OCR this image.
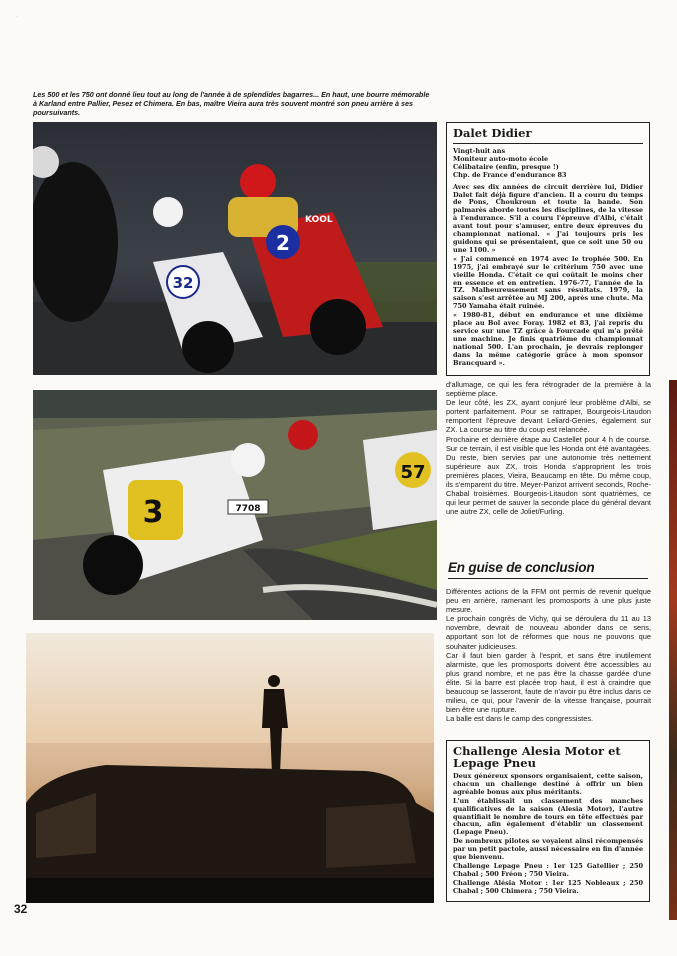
·

Les 500 et les 750 ont donné lieu tout au long de l'année à de splendides bagarres... En haut, une bourre mémorable à Karland entre Pallier, Pesez et Chimera. En bas, maître Vieira aura très souvent montré son pneu arrière à ses poursuivants.

32
2
KOOL
Dalet Didier

Vingt-huit ans

Moniteur auto-moto école

Célibataire (enfin, presque !)

Chp. de France d'endurance 83

Avec ses dix années de circuit derrière lui, Didier Dalet fait déjà figure d'ancien. Il a couru du temps de Pons, Choukroun et toute la bande. Son palmarès aborde toutes les disciplines, de la vitesse à l'endurance. S'il a couru l'épreuve d'Albi, c'était avant tout pour s'amuser, entre deux épreuves du championnat national. « J'ai toujours pris les guidons qui se présentaient, que ce soit une 50 ou une 1100. »

« J'ai commencé en 1974 avec le trophée 500. En 1975, j'ai embrayé sur le critérium 750 avec une vieille Honda. C'était ce qui coûtait le moins cher en essence et en entretien. 1976-77, l'année de la TZ. Malheureusement sans résultats. 1979, la saison s'est arrêtée au MJ 200, après une chute. Ma 750 Yamaha était ruinée.

« 1980-81, début en endurance et une dixième place au Bol avec Foray. 1982 et 83, j'ai repris du service sur une TZ grâce à Fourcade qui m'a prêté une machine. Je finis quatrième du championnat national 500. L'an prochain, je devrais replonger dans la même catégorie grâce à mon sponsor Brancquard ».

3	7708
57

d'allumage, ce qui les fera rétrograder de la première à la septième place.

De leur côté, les ZX, ayant conjuré leur problème d'Albi, se portent parfaitement. Pour se rattraper, Bourgeois-Litaudon remportent l'épreuve devant Leliard-Genies, également sur ZX. La course au titre du coup est relancée.

Prochaine et dernière étape au Castellet pour 4 h de course. Sur ce terrain, il est visible que les Honda ont été avantagées. Du reste, bien servies par une autonomie très nettement supérieure aux ZX, trois Honda s'approprient les trois premières places, Vieira, Beaucamp en tête. Du même coup, ils s'emparent du titre. Meyer-Parizot arrivent seconds, Roche-Chabal troisièmes. Bourgeois-Litaudon sont quatrièmes, ce qui leur permet de sauver la seconde place du général devant une autre ZX, celle de Joliet/Furling.

En guise de conclusion

Différentes actions de la FFM ont permis de revenir quelque peu en arrière, ramenant les promosports à une plus juste mesure.

Le prochain congrès de Vichy, qui se déroulera du 11 au 13 novembre, devrait de nouveau abonder dans ce sens, apportant son lot de réformes que nous ne pouvons que souhaiter judicieuses.

Car il faut bien garder à l'esprit, et sans être inutilement alarmiste, que les promosports doivent être accessibles au plus grand nombre, et ne pas être la chasse gardée d'une élite. Si la barre est placée trop haut, il est à craindre que beaucoup se lasseront, faute de n'avoir pu être inclus dans ce milieu, ce qui, pour l'avenir de la vitesse française, pourrait bien être une rupture.

La balle est dans le camp des congressistes.

Challenge Alesia Motor et Lepage Pneu

Deux généreux sponsors organisaient, cette saison, chacun un challenge destiné à offrir un bien agréable bonus aux plus méritants.

L'un établissait un classement des manches qualificatives de la saison (Alesia Motor), l'autre quantifiait le nombre de tours en tête effectués par chacun, afin également d'établir un classement (Lepage Pneu).

De nombreux pilotes se voyaient ainsi récompensés par un petit pactole, aussi nécessaire en fin d'année que bienvenu.

Challenge Lepage Pneu : 1er 125 Gatellier ; 250 Chabal ; 500 Fréon ; 750 Vieira.

Challenge Alésia Motor : 1er 125 Nobleaux ; 250 Chabal ; 500 Chimera ; 750 Vieira.

32
